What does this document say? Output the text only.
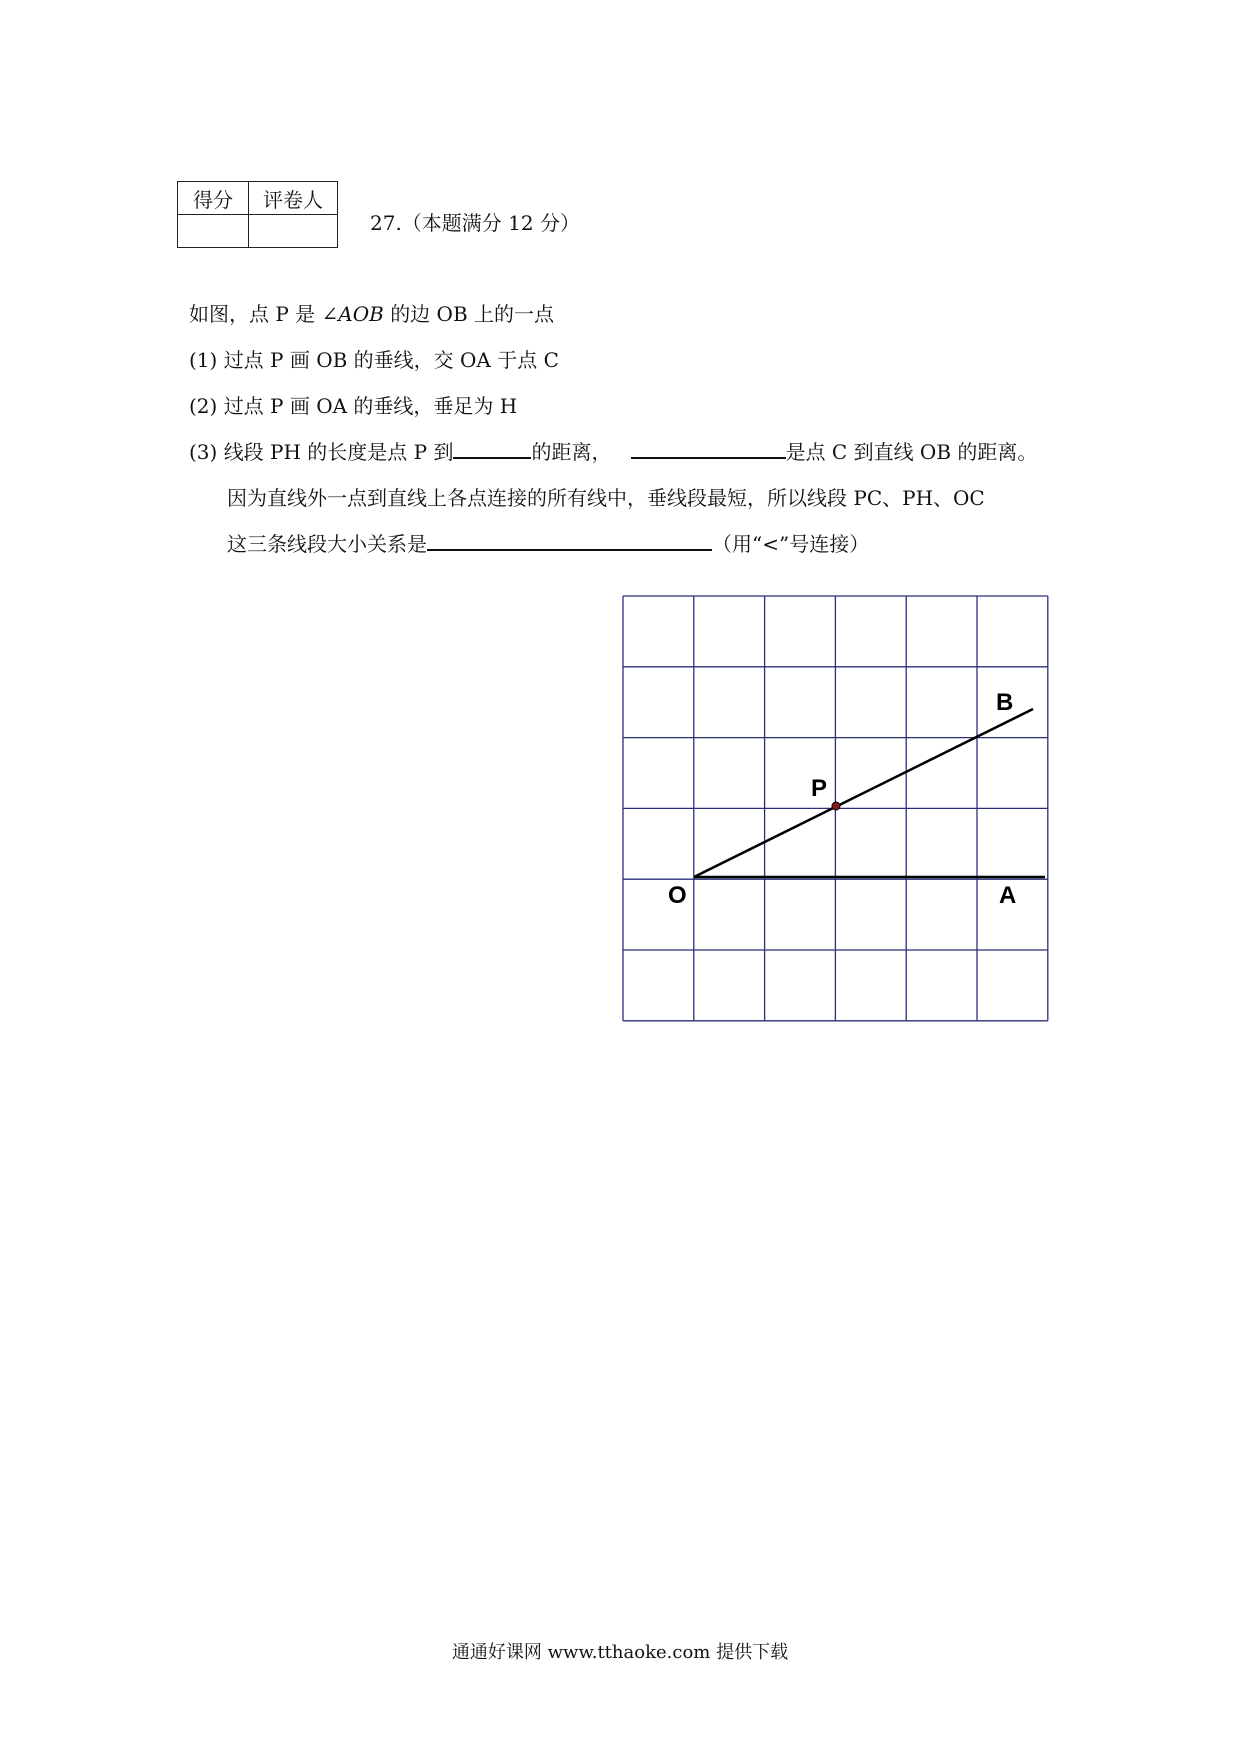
得分	评卷人

27.（本题满分 12 分）
如图，点 P 是 ∠AOB 的边 OB 上的一点
(1) 过点 P 画 OB 的垂线，交 OA 于点 C
(2) 过点 P 画 OA 的垂线，垂足为 H
(3) 线段 PH 的长度是点 P 到	的距离，	是点 C 到直线 OB 的距离。
因为直线外一点到直线上各点连接的所有线中，垂线段最短，所以线段 PC、PH、OC
这三条线段大小关系是	（用“<”号连接）
O	A
B
P
通通好课网 www.tthaoke.com 提供下载
